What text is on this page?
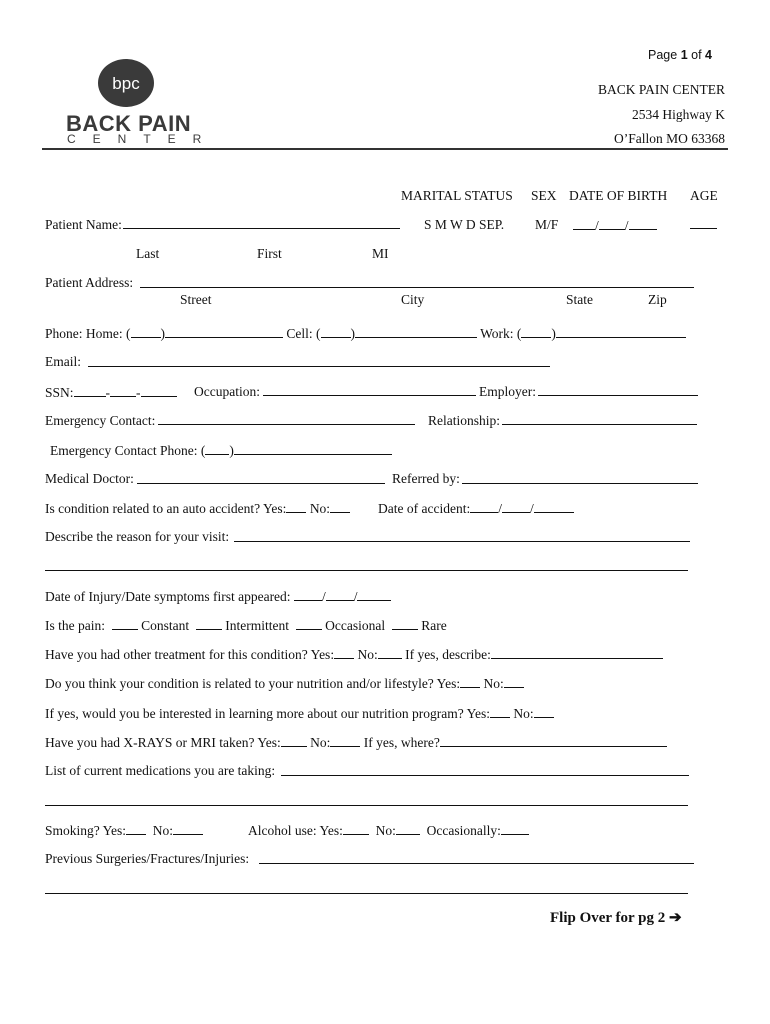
Page 1 of 4
bpc
BACK PAIN
CENTER
BACK PAIN CENTER
2534 Highway K
O’Fallon MO 63368
MARITAL STATUS SEX DATE OF BIRTH AGE
Patient Name:	S M W D SEP. M/F	/ /
Last	First	MI
Patient Address:
Street	City	State	Zip
Phone: Home: ( )	Cell: ( )	Work: ( )
Email:
SSN: - -	Occupation:	Employer:
Emergency Contact:	Relationship:
Emergency Contact Phone: ( )
Medical Doctor:	Referred by:
Is condition related to an auto accident? Yes: No:	Date of accident: / /
Describe the reason for your visit:
Date of Injury/Date symptoms first appeared: / /
Is the pain:	Constant	Intermittent	Occasional	Rare
Have you had other treatment for this condition? Yes: No: If yes, describe:
Do you think your condition is related to your nutrition and/or lifestyle? Yes: No:
If yes, would you be interested in learning more about our nutrition program? Yes: No:
Have you had X-RAYS or MRI taken? Yes: No: If yes, where?
List of current medications you are taking:
Smoking? Yes: No:	Alcohol use: Yes: No: Occasionally:
Previous Surgeries/Fractures/Injuries:
Flip Over for pg 2 ➔
